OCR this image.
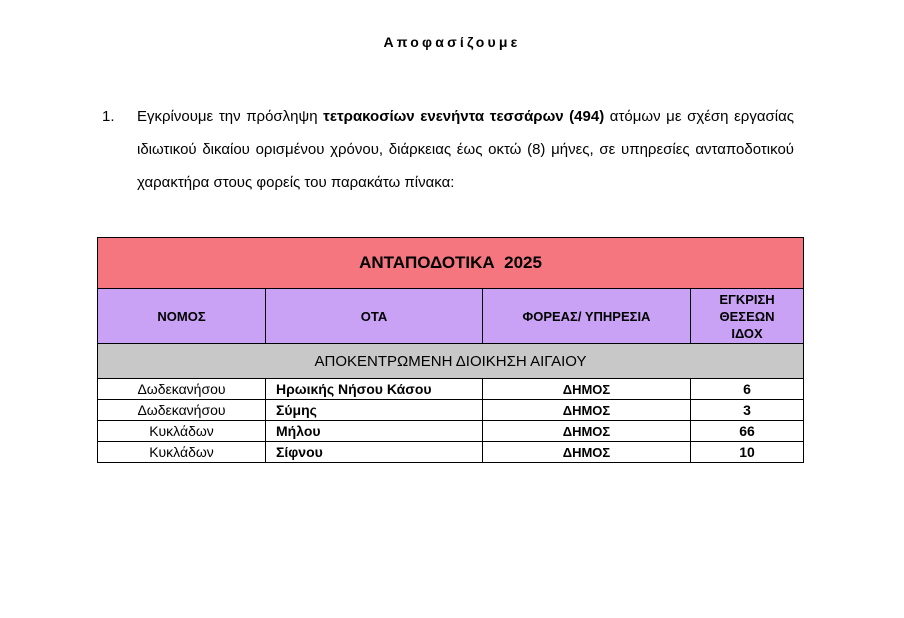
Αποφασίζουμε
1. Εγκρίνουμε την πρόσληψη τετρακοσίων ενενήντα τεσσάρων (494) ατόμων με σχέση εργασίας ιδιωτικού δικαίου ορισμένου χρόνου, διάρκειας έως οκτώ (8) μήνες, σε υπηρεσίες ανταποδοτικού χαρακτήρα στους φορείς του παρακάτω πίνακα:
ΑΝΤΑΠΟΔΟΤΙΚΑ  2025			
ΝΟΜΟΣ	ΟΤΑ	ΦΟΡΕΑΣ/ ΥΠΗΡΕΣΙΑ	ΕΓΚΡΙΣΗ
ΘΕΣΕΩΝ
ΙΔΟΧ

ΑΠΟΚΕΝΤΡΩΜΕΝΗ ΔΙΟΙΚΗΣΗ ΑΙΓΑΙΟΥ			
Δωδεκανήσου	Ηρωικής Νήσου Κάσου	ΔΗΜΟΣ	6
Δωδεκανήσου	Σύμης	ΔΗΜΟΣ	3
Κυκλάδων	Μήλου	ΔΗΜΟΣ	66
Κυκλάδων	Σίφνου	ΔΗΜΟΣ	10
